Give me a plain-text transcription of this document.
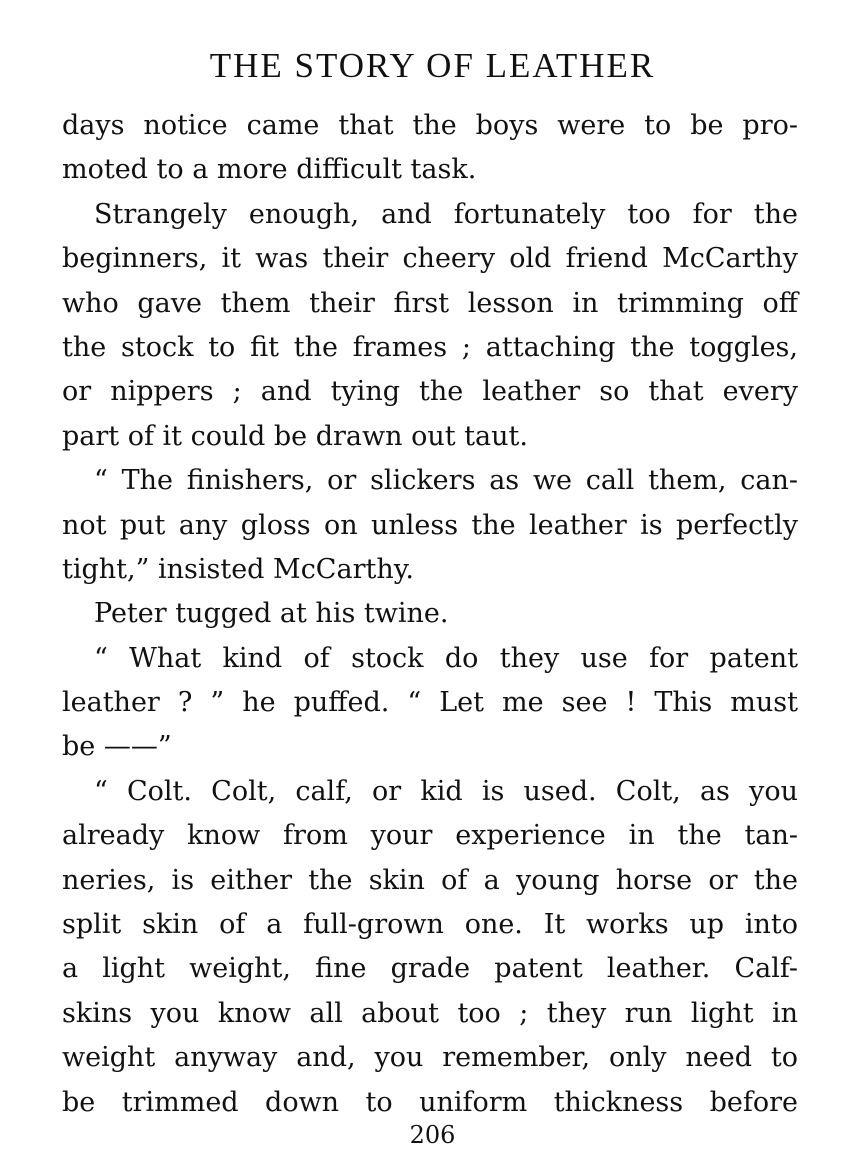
THE STORY OF LEATHER
days notice came that the boys were to be pro-
moted to a more difficult task.
Strangely enough, and fortunately too for the
beginners, it was their cheery old friend McCarthy
who gave them their first lesson in trimming off
the stock to fit the frames ; attaching the toggles,
or nippers ; and tying the leather so that every
part of it could be drawn out taut.
“ The finishers, or slickers as we call them, can-
not put any gloss on unless the leather is perfectly
tight,” insisted McCarthy.
Peter tugged at his twine.
“ What kind of stock do they use for patent
leather ? ” he puffed. “ Let me see ! This must
be ——”
“ Colt. Colt, calf, or kid is used. Colt, as you
already know from your experience in the tan-
neries, is either the skin of a young horse or the
split skin of a full-grown one. It works up into
a light weight, fine grade patent leather. Calf-
skins you know all about too ; they run light in
weight anyway and, you remember, only need to
be trimmed down to uniform thickness before
206
